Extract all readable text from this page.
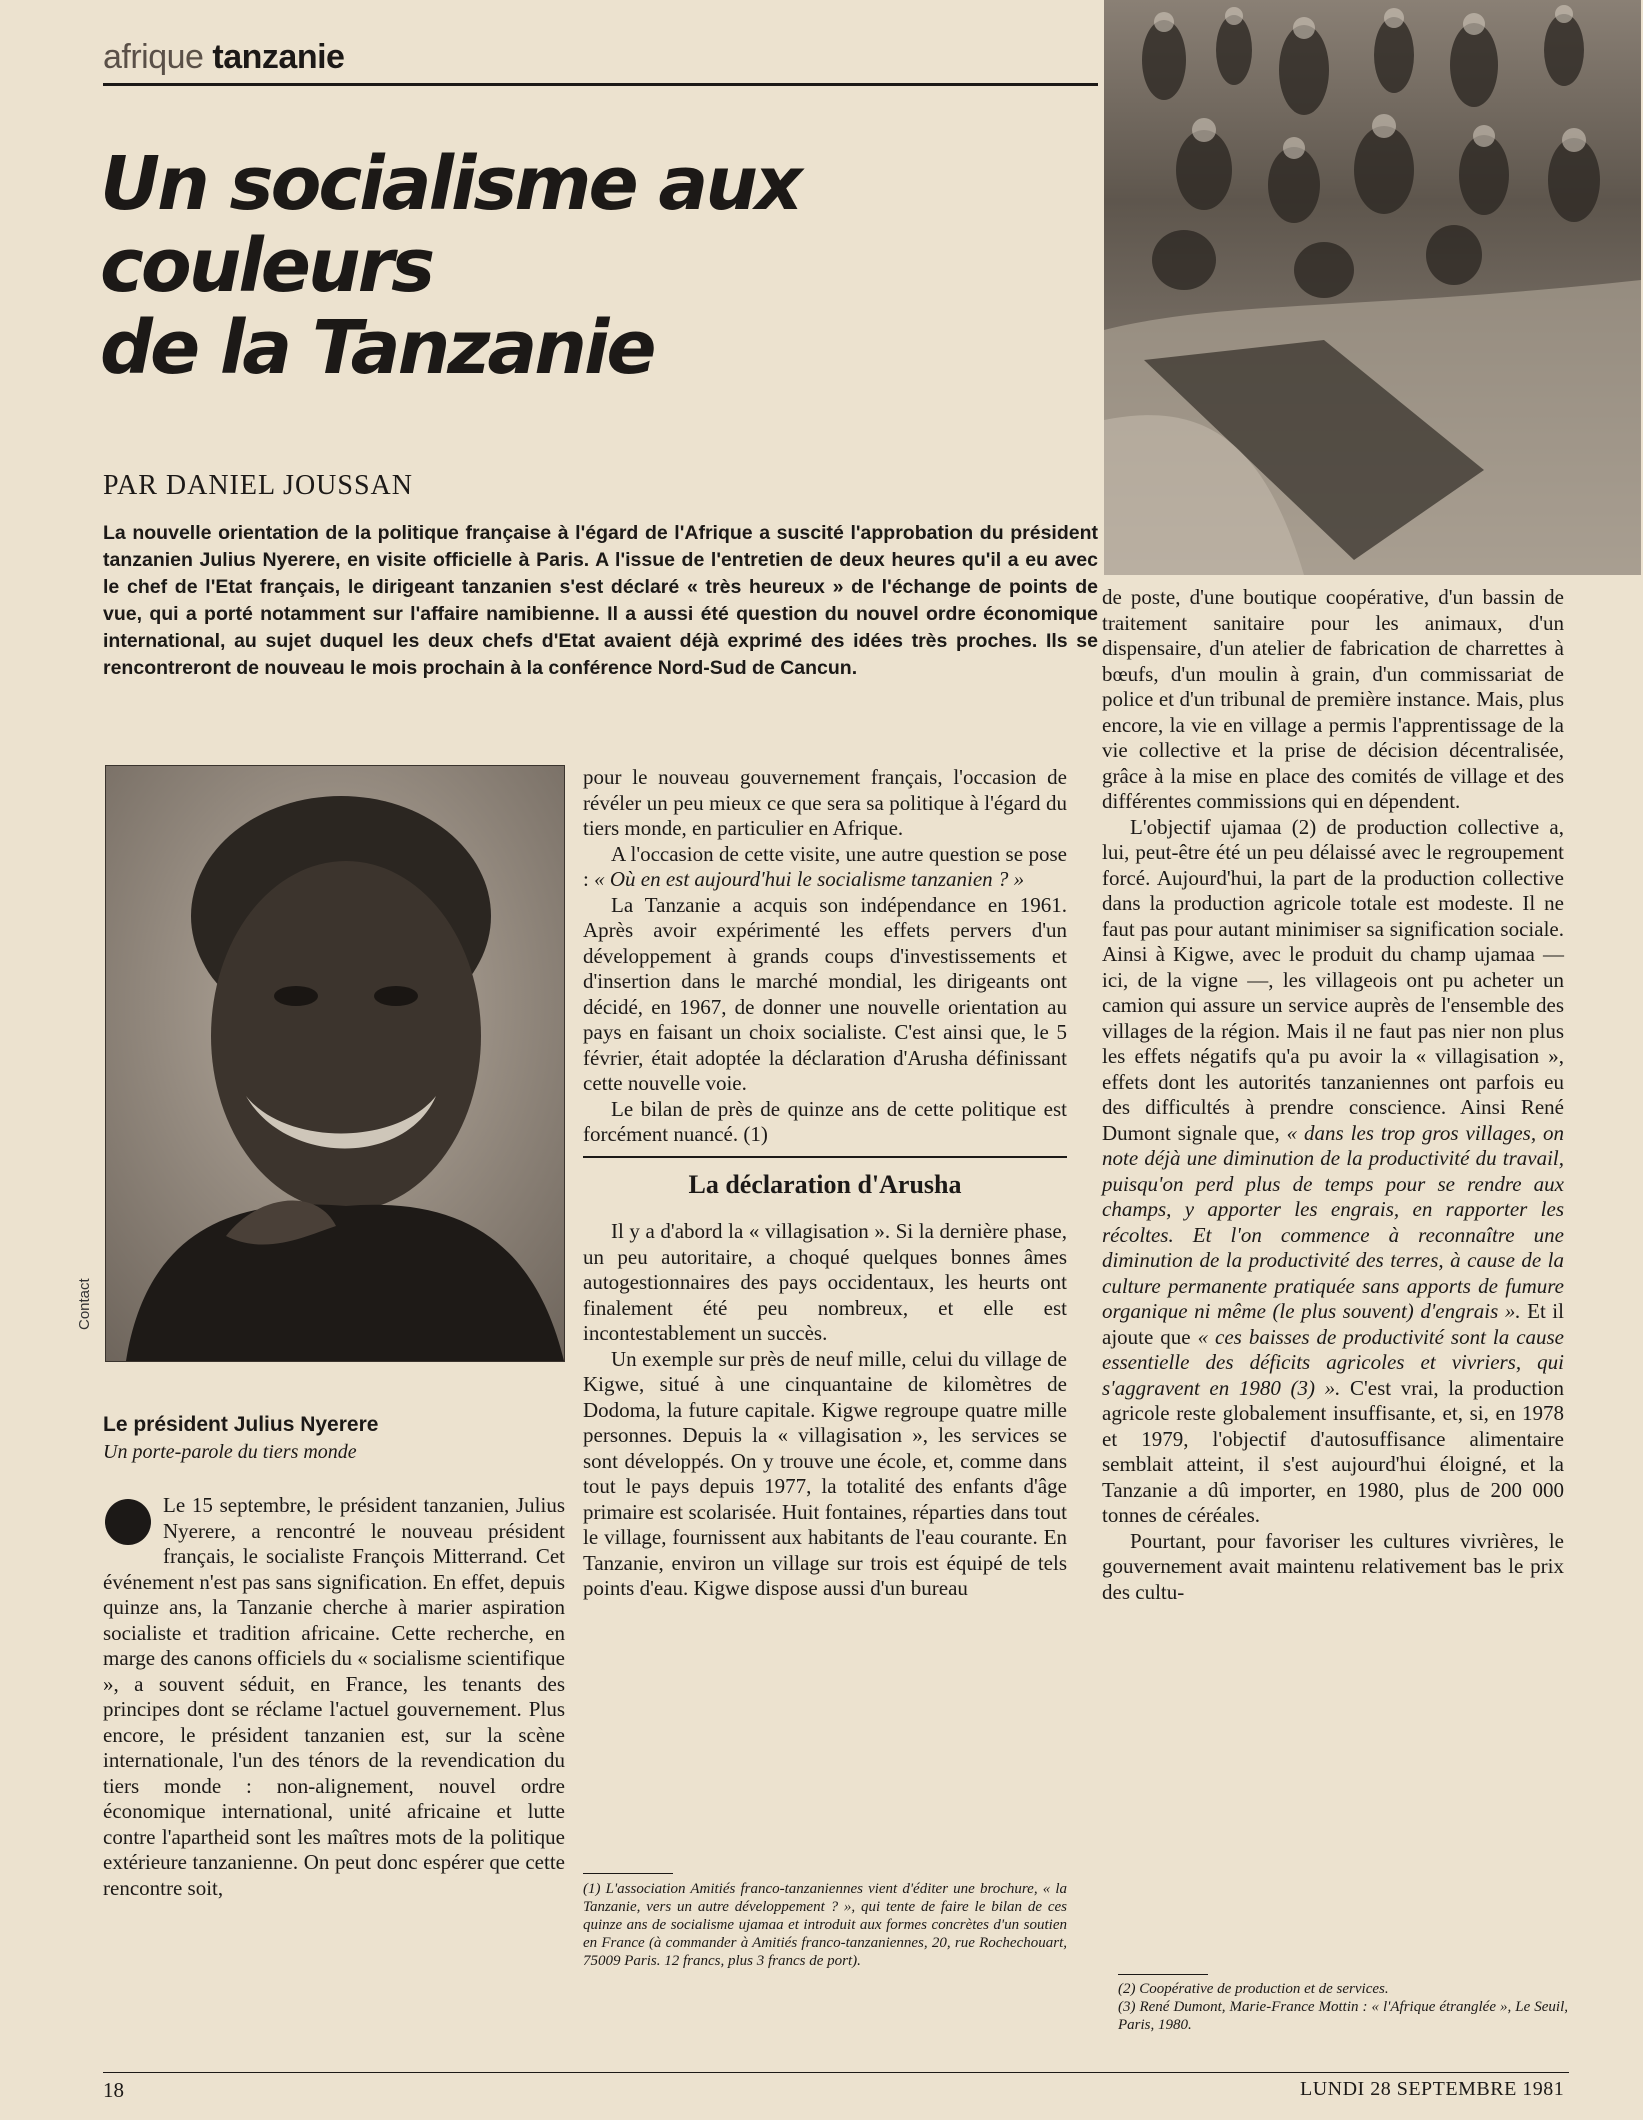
afrique tanzanie
Un socialisme aux
couleurs
de la Tanzanie
PAR DANIEL JOUSSAN
La nouvelle orientation de la politique française à l'égard de l'Afrique a suscité l'approbation du président tanzanien Julius Nyerere, en visite officielle à Paris. A l'issue de l'entretien de deux heures qu'il a eu avec le chef de l'Etat français, le dirigeant tanzanien s'est déclaré « très heureux » de l'échange de points de vue, qui a porté notamment sur l'affaire namibienne. Il a aussi été question du nouvel ordre économique international, au sujet duquel les deux chefs d'Etat avaient déjà exprimé des idées très proches. Ils se rencontreront de nouveau le mois prochain à la conférence Nord-Sud de Cancun.
Contact
Le président Julius Nyerere
Un porte-parole du tiers monde

Le 15 septembre, le président tanzanien, Julius Nyerere, a rencontré le nouveau président français, le socialiste François Mitterrand. Cet événement n'est pas sans signification. En effet, depuis quinze ans, la Tanzanie cherche à marier aspiration socialiste et tradition africaine. Cette recherche, en marge des canons officiels du « socialisme scientifique », a souvent séduit, en France, les tenants des principes dont se réclame l'actuel gouvernement. Plus encore, le président tanzanien est, sur la scène internationale, l'un des ténors de la revendication du tiers monde : non-alignement, nouvel ordre économique international, unité africaine et lutte contre l'apartheid sont les maîtres mots de la politique extérieure tanzanienne. On peut donc espérer que cette rencontre soit,

pour le nouveau gouvernement français, l'occasion de révéler un peu mieux ce que sera sa politique à l'égard du tiers monde, en particulier en Afrique.

A l'occasion de cette visite, une autre question se pose : « Où en est aujourd'hui le socialisme tanzanien ? »

La Tanzanie a acquis son indépendance en 1961. Après avoir expérimenté les effets pervers d'un développement à grands coups d'investissements et d'insertion dans le marché mondial, les dirigeants ont décidé, en 1967, de donner une nouvelle orientation au pays en faisant un choix socialiste. C'est ainsi que, le 5 février, était adoptée la déclaration d'Arusha définissant cette nouvelle voie.

Le bilan de près de quinze ans de cette politique est forcément nuancé. (1)

La déclaration d'Arusha

Il y a d'abord la « villagisation ». Si la dernière phase, un peu autoritaire, a choqué quelques bonnes âmes autogestionnaires des pays occidentaux, les heurts ont finalement été peu nombreux, et elle est incontestablement un succès.

Un exemple sur près de neuf mille, celui du village de Kigwe, situé à une cinquantaine de kilomètres de Dodoma, la future capitale. Kigwe regroupe quatre mille personnes. Depuis la « villagisation », les services se sont développés. On y trouve une école, et, comme dans tout le pays depuis 1977, la totalité des enfants d'âge primaire est scolarisée. Huit fontaines, réparties dans tout le village, fournissent aux habitants de l'eau courante. En Tanzanie, environ un village sur trois est équipé de tels points d'eau. Kigwe dispose aussi d'un bureau

(1) L'association Amitiés franco-tanzaniennes vient d'éditer une brochure, « la Tanzanie, vers un autre développement ? », qui tente de faire le bilan de ces quinze ans de socialisme ujamaa et introduit aux formes concrètes d'un soutien en France (à commander à Amitiés franco-tanzaniennes, 20, rue Rochechouart, 75009 Paris. 12 francs, plus 3 francs de port).

de poste, d'une boutique coopérative, d'un bassin de traitement sanitaire pour les animaux, d'un dispensaire, d'un atelier de fabrication de charrettes à bœufs, d'un moulin à grain, d'un commissariat de police et d'un tribunal de première instance. Mais, plus encore, la vie en village a permis l'apprentissage de la vie collective et la prise de décision décentralisée, grâce à la mise en place des comités de village et des différentes commissions qui en dépendent.

L'objectif ujamaa (2) de production collective a, lui, peut-être été un peu délaissé avec le regroupement forcé. Aujourd'hui, la part de la production collective dans la production agricole totale est modeste. Il ne faut pas pour autant minimiser sa signification sociale. Ainsi à Kigwe, avec le produit du champ ujamaa — ici, de la vigne —, les villageois ont pu acheter un camion qui assure un service auprès de l'ensemble des villages de la région. Mais il ne faut pas nier non plus les effets négatifs qu'a pu avoir la « villagisation », effets dont les autorités tanzaniennes ont parfois eu des difficultés à prendre conscience. Ainsi René Dumont signale que, « dans les trop gros villages, on note déjà une diminution de la productivité du travail, puisqu'on perd plus de temps pour se rendre aux champs, y apporter les engrais, en rapporter les récoltes. Et l'on commence à reconnaître une diminution de la productivité des terres, à cause de la culture permanente pratiquée sans apports de fumure organique ni même (le plus souvent) d'engrais ». Et il ajoute que « ces baisses de productivité sont la cause essentielle des déficits agricoles et vivriers, qui s'aggravent en 1980 (3) ». C'est vrai, la production agricole reste globalement insuffisante, et, si, en 1978 et 1979, l'objectif d'autosuffisance alimentaire semblait atteint, il s'est aujourd'hui éloigné, et la Tanzanie a dû importer, en 1980, plus de 200 000 tonnes de céréales.

Pourtant, pour favoriser les cultures vivrières, le gouvernement avait maintenu relativement bas le prix des cultu-

(2) Coopérative de production et de services.
(3) René Dumont, Marie-France Mottin : « l'Afrique étranglée », Le Seuil, Paris, 1980.
18	LUNDI 28 SEPTEMBRE 1981
